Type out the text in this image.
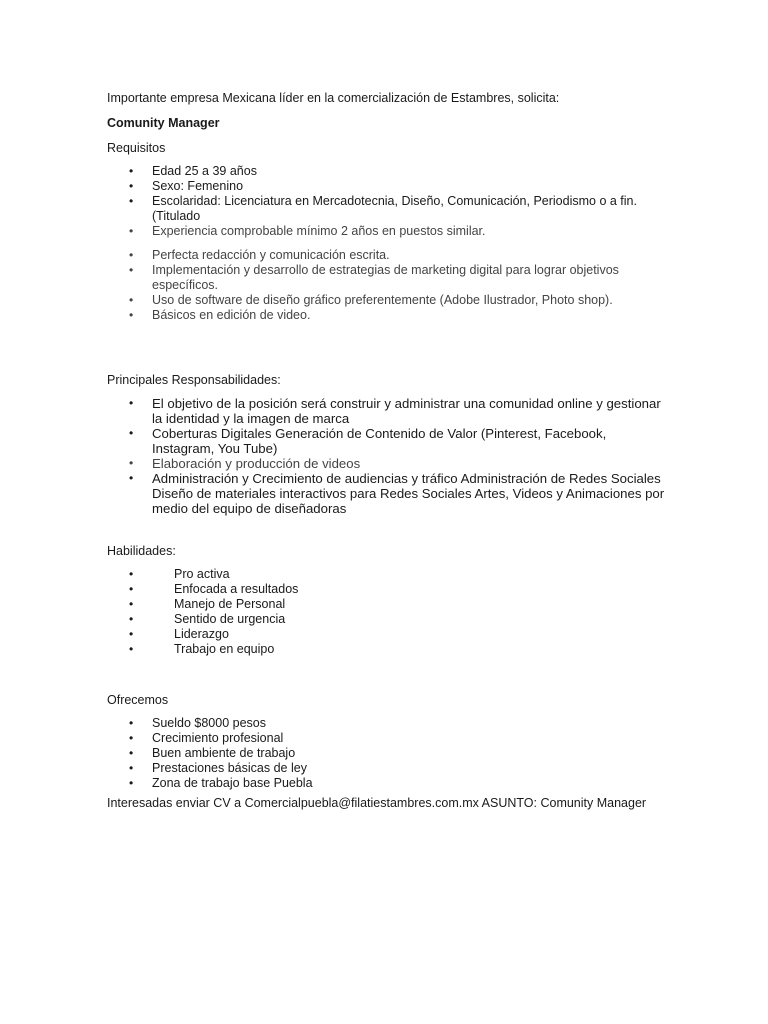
Importante empresa Mexicana líder en la comercialización de Estambres, solicita:

Comunity Manager

Requisitos

• Edad 25 a 39 años
• Sexo: Femenino
• Escolaridad: Licenciatura en Mercadotecnia, Diseño, Comunicación, Periodismo o a fin. (Titulado
• Experiencia comprobable mínimo 2 años en puestos similar.
• Perfecta redacción y comunicación escrita.
• Implementación y desarrollo de estrategias de marketing digital para lograr objetivos específicos.
• Uso de software de diseño gráfico preferentemente (Adobe Ilustrador, Photo shop).
• Básicos en edición de video.

Principales Responsabilidades:

• El objetivo de la posición será construir y administrar una comunidad online y gestionar la identidad y la imagen de marca
• Coberturas Digitales Generación de Contenido de Valor (Pinterest, Facebook, Instagram, You Tube)
• Elaboración y producción de videos
• Administración y Crecimiento de audiencias y tráfico Administración de Redes Sociales Diseño de materiales interactivos para Redes Sociales Artes, Videos y Animaciones por medio del equipo de diseñadoras

Habilidades:

• Pro activa
• Enfocada a resultados
• Manejo de Personal
• Sentido de urgencia
• Liderazgo
• Trabajo en equipo

Ofrecemos

• Sueldo $8000 pesos
• Crecimiento profesional
• Buen ambiente de trabajo
• Prestaciones básicas de ley
• Zona de trabajo base Puebla

Interesadas enviar CV a Comercialpuebla@filatiestambres.com.mx ASUNTO: Comunity Manager
